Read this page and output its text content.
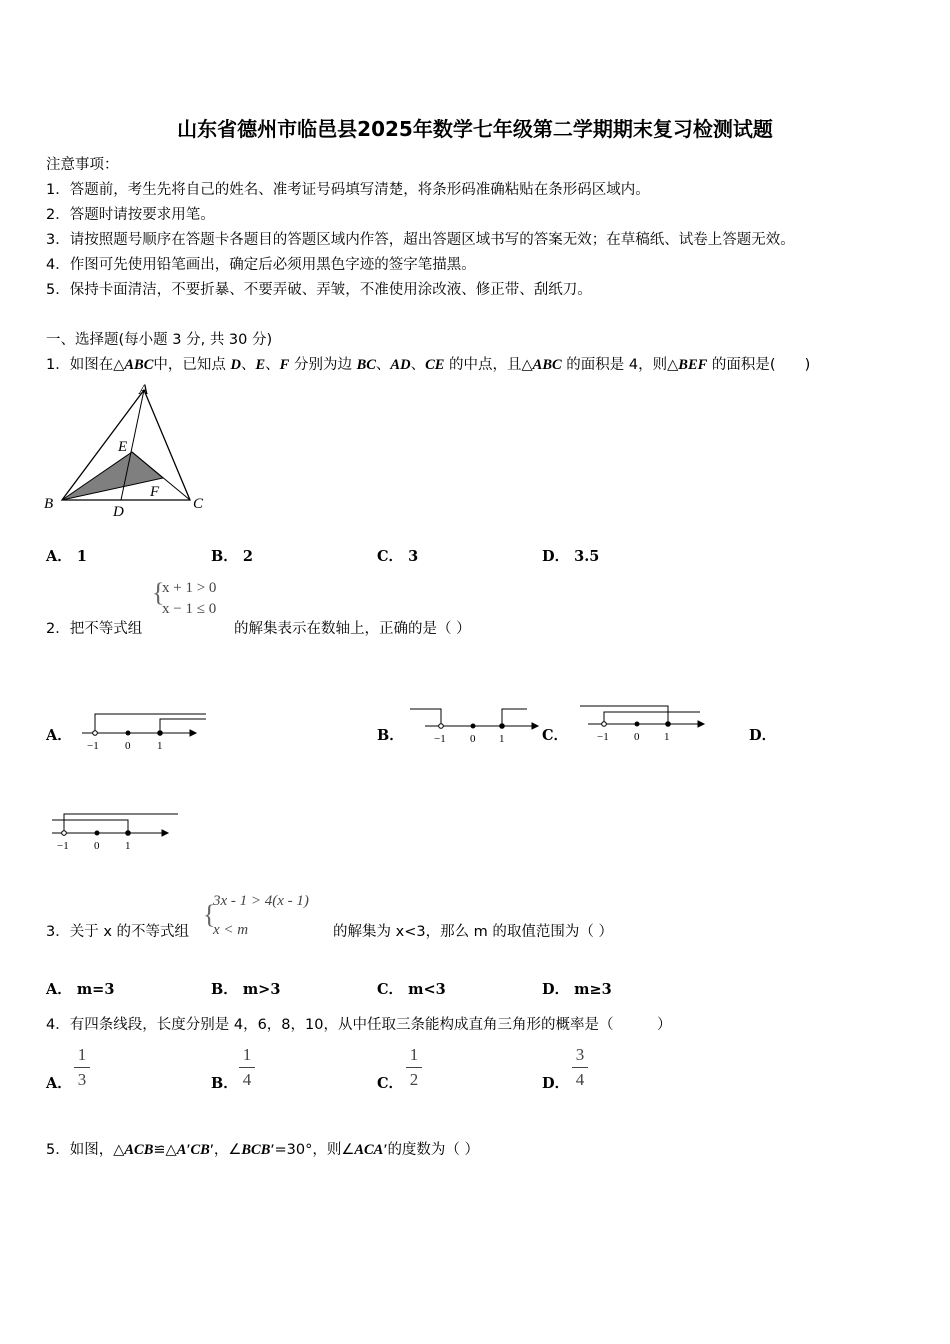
山东省德州市临邑县2025年数学七年级第二学期期末复习检测试题
注意事项：
1．答题前，考生先将自己的姓名、准考证号码填写清楚，将条形码准确粘贴在条形码区域内。
2．答题时请按要求用笔。
3．请按照题号顺序在答题卡各题目的答题区域内作答，超出答题区域书写的答案无效；在草稿纸、试卷上答题无效。
4．作图可先使用铅笔画出，确定后必须用黑色字迹的签字笔描黑。
5．保持卡面清洁，不要折暴、不要弄破、弄皱，不准使用涂改液、修正带、刮纸刀。
一、选择题(每小题 3 分, 共 30 分)
1．如图在△ABC中，已知点 D、E、F 分别为边 BC、AD、CE 的中点，且△ABC 的面积是 4，则△BEF 的面积是(　　)
A
B	C
D
E
F
A． 1	B． 2	C． 3	D． 3.5
2．把不等式组
{
x + 1 > 0
x − 1 ≤ 0
的解集表示在数轴上，正确的是（ ）
A．
−1 0 1
B．	−1 0 1	C．	−1 0 1	D．
−1 0 1
3．关于 x 的不等式组
{
3x - 1 > 4(x - 1)
x < m	的解集为 x<3，那么 m 的取值范围为（ ）
A． m=3	B． m>3	C． m<3	D． m≥3
4．有四条线段，长度分别是 4，6，8，10，从中任取三条能构成直角三角形的概率是（　　　）
A．
1
3	B．
1
4	C．
1
2	D．
3
4
5．如图，△ACB≌△A′CB′，∠BCB′=30°，则∠ACA′的度数为（ ）
